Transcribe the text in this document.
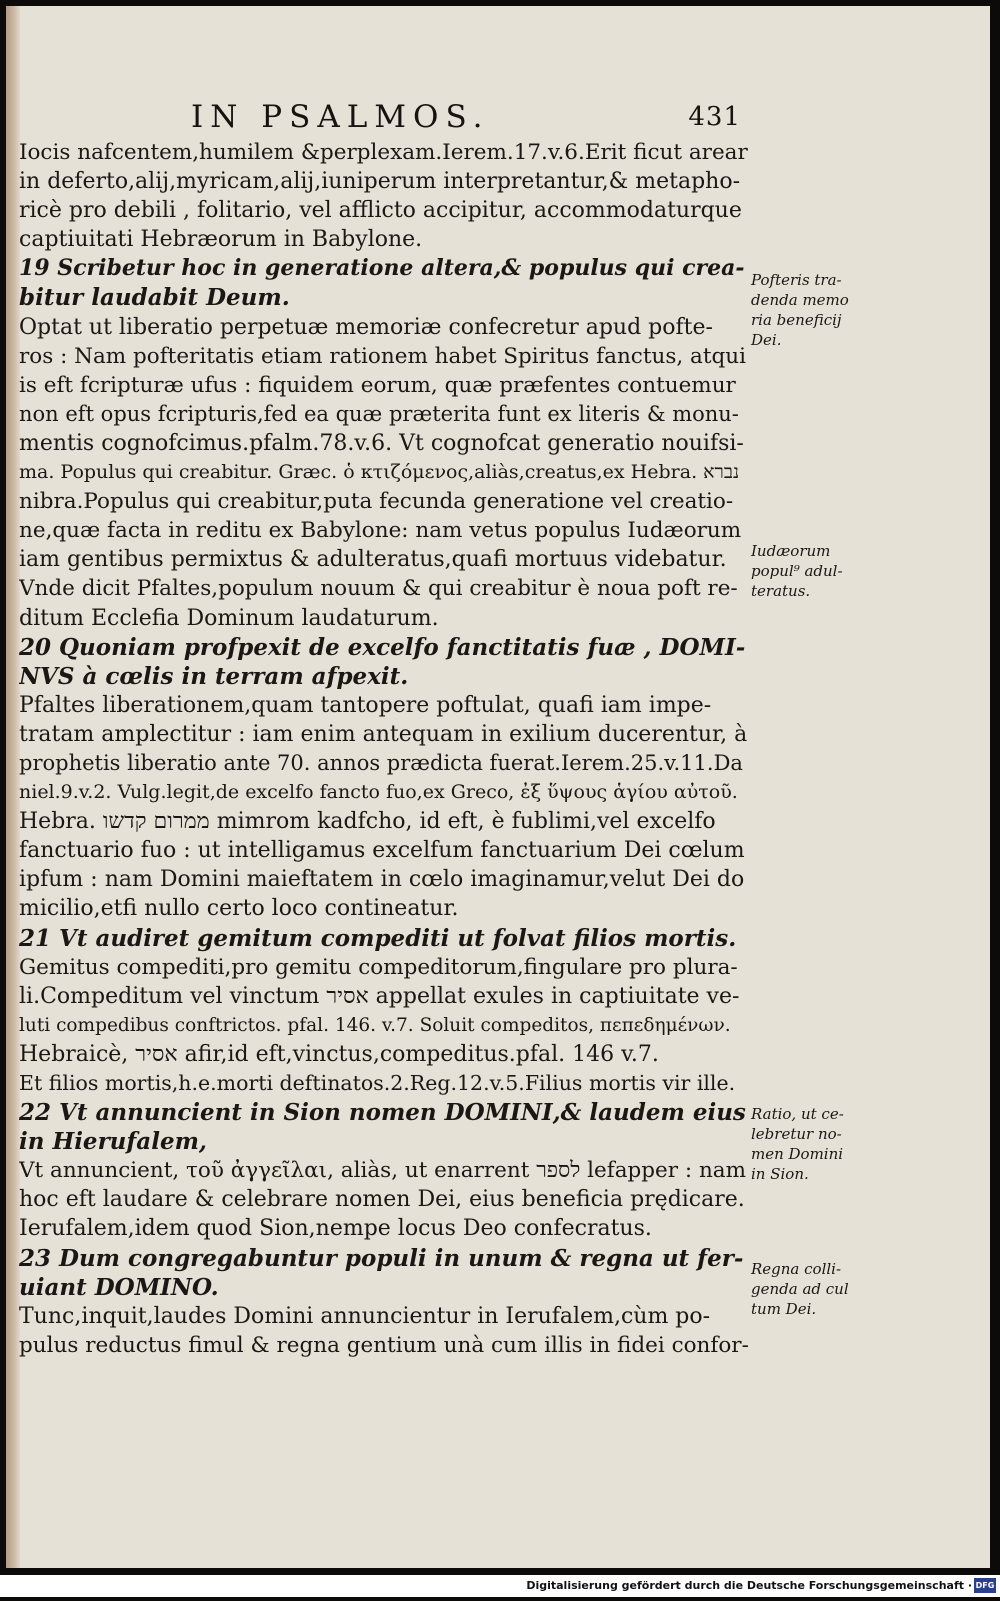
IN PSALMOS.	431
Iocis nafcentem,humilem &perplexam.Ierem.17.v.6.Erit ficut arear
in deferto,alij,myricam,alij,iuniperum interpretantur,& metapho-
ricè pro debili , folitario, vel afflicto accipitur, accommodaturque
captiuitati Hebræorum in Babylone.
19 Scribetur hoc in generatione altera,& populus qui crea-
bitur laudabit Deum.
Optat ut liberatio perpetuæ memoriæ confecretur apud pofte-
ros : Nam pofteritatis etiam rationem habet Spiritus fanctus, atqui
is eft fcripturæ ufus : fiquidem eorum, quæ præfentes contuemur
non eft opus fcripturis,fed ea quæ præterita funt ex literis & monu-
mentis cognofcimus.pfalm.78.v.6. Vt cognofcat generatio nouifsi-
ma. Populus qui creabitur. Græc. ὁ κτιζόμενος,aliàs,creatus,ex Hebra. נברא
nibra.Populus qui creabitur,puta fecunda generatione vel creatio-
ne,quæ facta in reditu ex Babylone: nam vetus populus Iudæorum
iam gentibus permixtus & adulteratus,quafi mortuus videbatur.
Vnde dicit Pfaltes,populum nouum & qui creabitur è noua poft re-
ditum Ecclefia Dominum laudaturum.
20 Quoniam profpexit de excelfo fanctitatis fuæ , DOMI-
NVS à cœlis in terram afpexit.
Pfaltes liberationem,quam tantopere poftulat, quafi iam impe-
tratam amplectitur : iam enim antequam in exilium ducerentur, à
prophetis liberatio ante 70. annos prædicta fuerat.Ierem.25.v.11.Da
niel.9.v.2. Vulg.legit,de excelfo fancto fuo,ex Greco, ἐξ ὕψους ἁγίου αὐτοῦ.
Hebra. ממרום קדשו mimrom kadfcho, id eft, è fublimi,vel excelfo
fanctuario fuo : ut intelligamus excelfum fanctuarium Dei cœlum
ipfum : nam Domini maieftatem in cœlo imaginamur,velut Dei do
micilio,etfi nullo certo loco contineatur.
21 Vt audiret gemitum compediti ut folvat filios mortis.
Gemitus compediti,pro gemitu compeditorum,fingulare pro plura-
li.Compeditum vel vinctum אסיר appellat exules in captiuitate ve-
luti compedibus conftrictos. pfal. 146. v.7. Soluit compeditos, πεπεδημένων.
Hebraicè, אסיר afir,id eft,vinctus,compeditus.pfal. 146 v.7.
Et filios mortis,h.e.morti deftinatos.2.Reg.12.v.5.Filius mortis vir ille.
22 Vt annuncient in Sion nomen DOMINI,& laudem eius
in Hierufalem,
Vt annuncient, τοῦ ἀγγεῖλαι, aliàs, ut enarrent לספר lefapper : nam
hoc eft laudare & celebrare nomen Dei, eius beneficia prędicare.
Ierufalem,idem quod Sion,nempe locus Deo confecratus.
23 Dum congregabuntur populi in unum & regna ut fer-
uiant DOMINO.
Tunc,inquit,laudes Domini annuncientur in Ierufalem,cùm po-
pulus reductus fimul & regna gentium unà cum illis in fidei confor-
Pofteris tra-
denda memo
ria beneficij
Dei.
Iudæorum
popul⁹ adul-
teratus.
Ratio, ut ce-
lebretur no-
men Domini
in Sion.
Regna colli-
genda ad cul
tum Dei.
Digitalisierung gefördert durch die Deutsche Forschungsgemeinschaft · DFG
